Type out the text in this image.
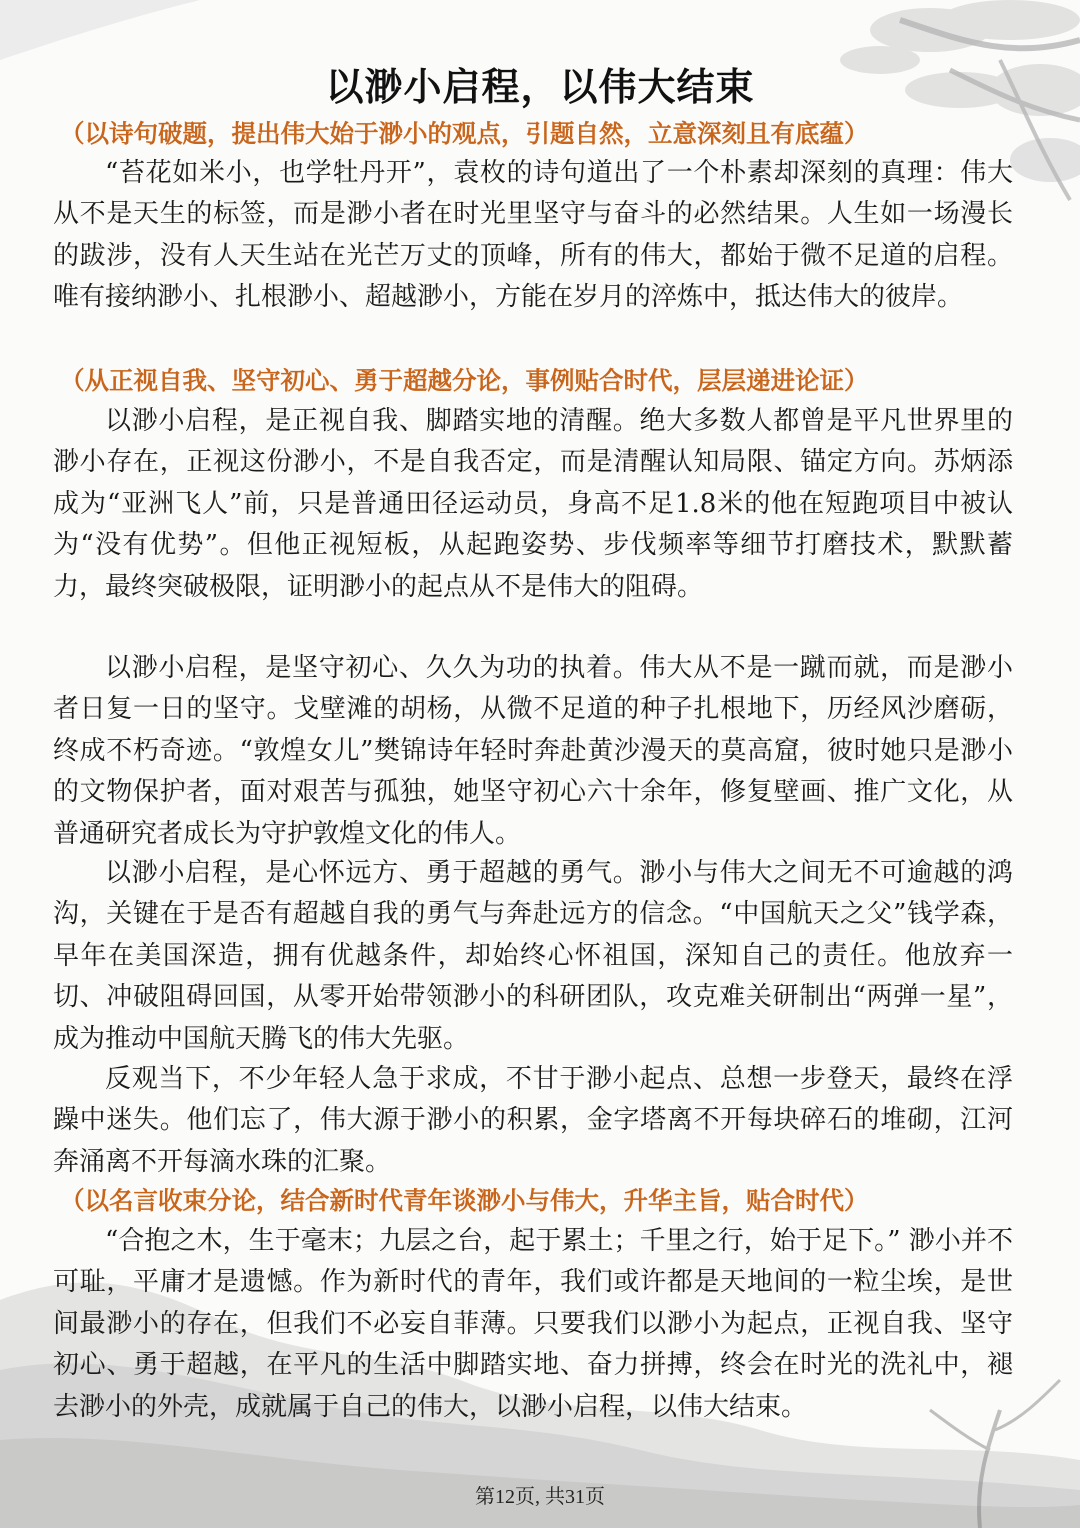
以渺小启程，以伟大结束

（以诗句破题，提出伟大始于渺小的观点，引题自然，立意深刻且有底蕴）

“苔花如米小，也学牡丹开”，袁枚的诗句道出了一个朴素却深刻的真理：伟大从不是天生的标签，而是渺小者在时光里坚守与奋斗的必然结果。人生如一场漫长的跋涉，没有人天生站在光芒万丈的顶峰，所有的伟大，都始于微不足道的启程。唯有接纳渺小、扎根渺小、超越渺小，方能在岁月的淬炼中，抵达伟大的彼岸。

（从正视自我、坚守初心、勇于超越分论，事例贴合时代，层层递进论证）

以渺小启程，是正视自我、脚踏实地的清醒。绝大多数人都曾是平凡世界里的渺小存在，正视这份渺小，不是自我否定，而是清醒认知局限、锚定方向。苏炳添成为“亚洲飞人”前，只是普通田径运动员，身高不足1.8米的他在短跑项目中被认为“没有优势”。但他正视短板，从起跑姿势、步伐频率等细节打磨技术，默默蓄力，最终突破极限，证明渺小的起点从不是伟大的阻碍。

以渺小启程，是坚守初心、久久为功的执着。伟大从不是一蹴而就，而是渺小者日复一日的坚守。戈壁滩的胡杨，从微不足道的种子扎根地下，历经风沙磨砺，终成不朽奇迹。“敦煌女儿”樊锦诗年轻时奔赴黄沙漫天的莫高窟，彼时她只是渺小的文物保护者，面对艰苦与孤独，她坚守初心六十余年，修复壁画、推广文化，从普通研究者成长为守护敦煌文化的伟人。

以渺小启程，是心怀远方、勇于超越的勇气。渺小与伟大之间无不可逾越的鸿沟，关键在于是否有超越自我的勇气与奔赴远方的信念。“中国航天之父”钱学森，早年在美国深造，拥有优越条件，却始终心怀祖国，深知自己的责任。他放弃一切、冲破阻碍回国，从零开始带领渺小的科研团队，攻克难关研制出“两弹一星”，成为推动中国航天腾飞的伟大先驱。

反观当下，不少年轻人急于求成，不甘于渺小起点、总想一步登天，最终在浮躁中迷失。他们忘了，伟大源于渺小的积累，金字塔离不开每块碎石的堆砌，江河奔涌离不开每滴水珠的汇聚。

（以名言收束分论，结合新时代青年谈渺小与伟大，升华主旨，贴合时代）

“合抱之木，生于毫末；九层之台，起于累土；千里之行，始于足下。” 渺小并不可耻，平庸才是遗憾。作为新时代的青年，我们或许都是天地间的一粒尘埃，是世间最渺小的存在，但我们不必妄自菲薄。只要我们以渺小为起点，正视自我、坚守初心、勇于超越，在平凡的生活中脚踏实地、奋力拼搏，终会在时光的洗礼中，褪去渺小的外壳，成就属于自己的伟大，以渺小启程，以伟大结束。

第12页, 共31页
